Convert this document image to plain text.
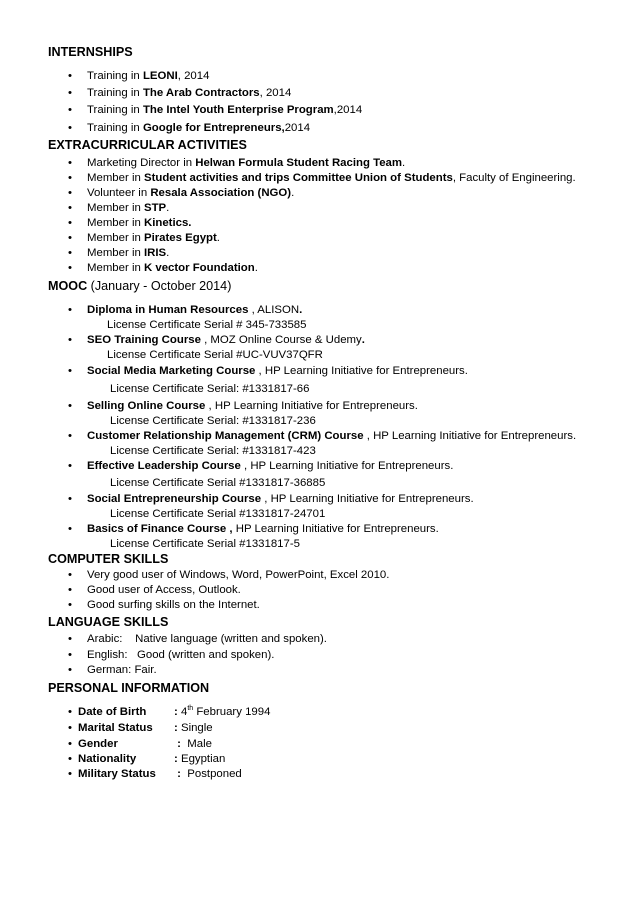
INTERNSHIPS
• Training in LEONI, 2014
• Training in The Arab Contractors, 2014
• Training in The Intel Youth Enterprise Program,2014
• Training in Google for Entrepreneurs,2014
EXTRACURRICULAR ACTIVITIES
• Marketing Director in Helwan Formula Student Racing Team.
• Member in Student activities and trips Committee Union of Students, Faculty of Engineering.
• Volunteer in Resala Association (NGO).
• Member in STP.
• Member in Kinetics.
• Member in Pirates Egypt.
• Member in IRIS.
• Member in K vector Foundation.
MOOC (January - October 2014)
• Diploma in Human Resources , ALISON.
License Certificate Serial # 345-733585
• SEO Training Course , MOZ Online Course & Udemy.
License Certificate Serial #UC-VUV37QFR
• Social Media Marketing Course , HP Learning Initiative for Entrepreneurs.
License Certificate Serial: #1331817-66
• Selling Online Course , HP Learning Initiative for Entrepreneurs.
License Certificate Serial: #1331817-236
• Customer Relationship Management (CRM) Course , HP Learning Initiative for Entrepreneurs.
License Certificate Serial: #1331817-423
• Effective Leadership Course , HP Learning Initiative for Entrepreneurs.
License Certificate Serial #1331817-36885
• Social Entrepreneurship Course , HP Learning Initiative for Entrepreneurs.
License Certificate Serial #1331817-24701
• Basics of Finance Course , HP Learning Initiative for Entrepreneurs.
License Certificate Serial #1331817-5
COMPUTER SKILLS
• Very good user of Windows, Word, PowerPoint, Excel 2010.
• Good user of Access, Outlook.
• Good surfing skills on the Internet.
LANGUAGE SKILLS
• Arabic:    Native language (written and spoken).
• English:   Good (written and spoken).
• German: Fair.
PERSONAL INFORMATION
• Date of Birth : 4th February 1994
• Marital Status : Single
• Gender	:  Male
• Nationality	: Egyptian
• Military Status :  Postponed
